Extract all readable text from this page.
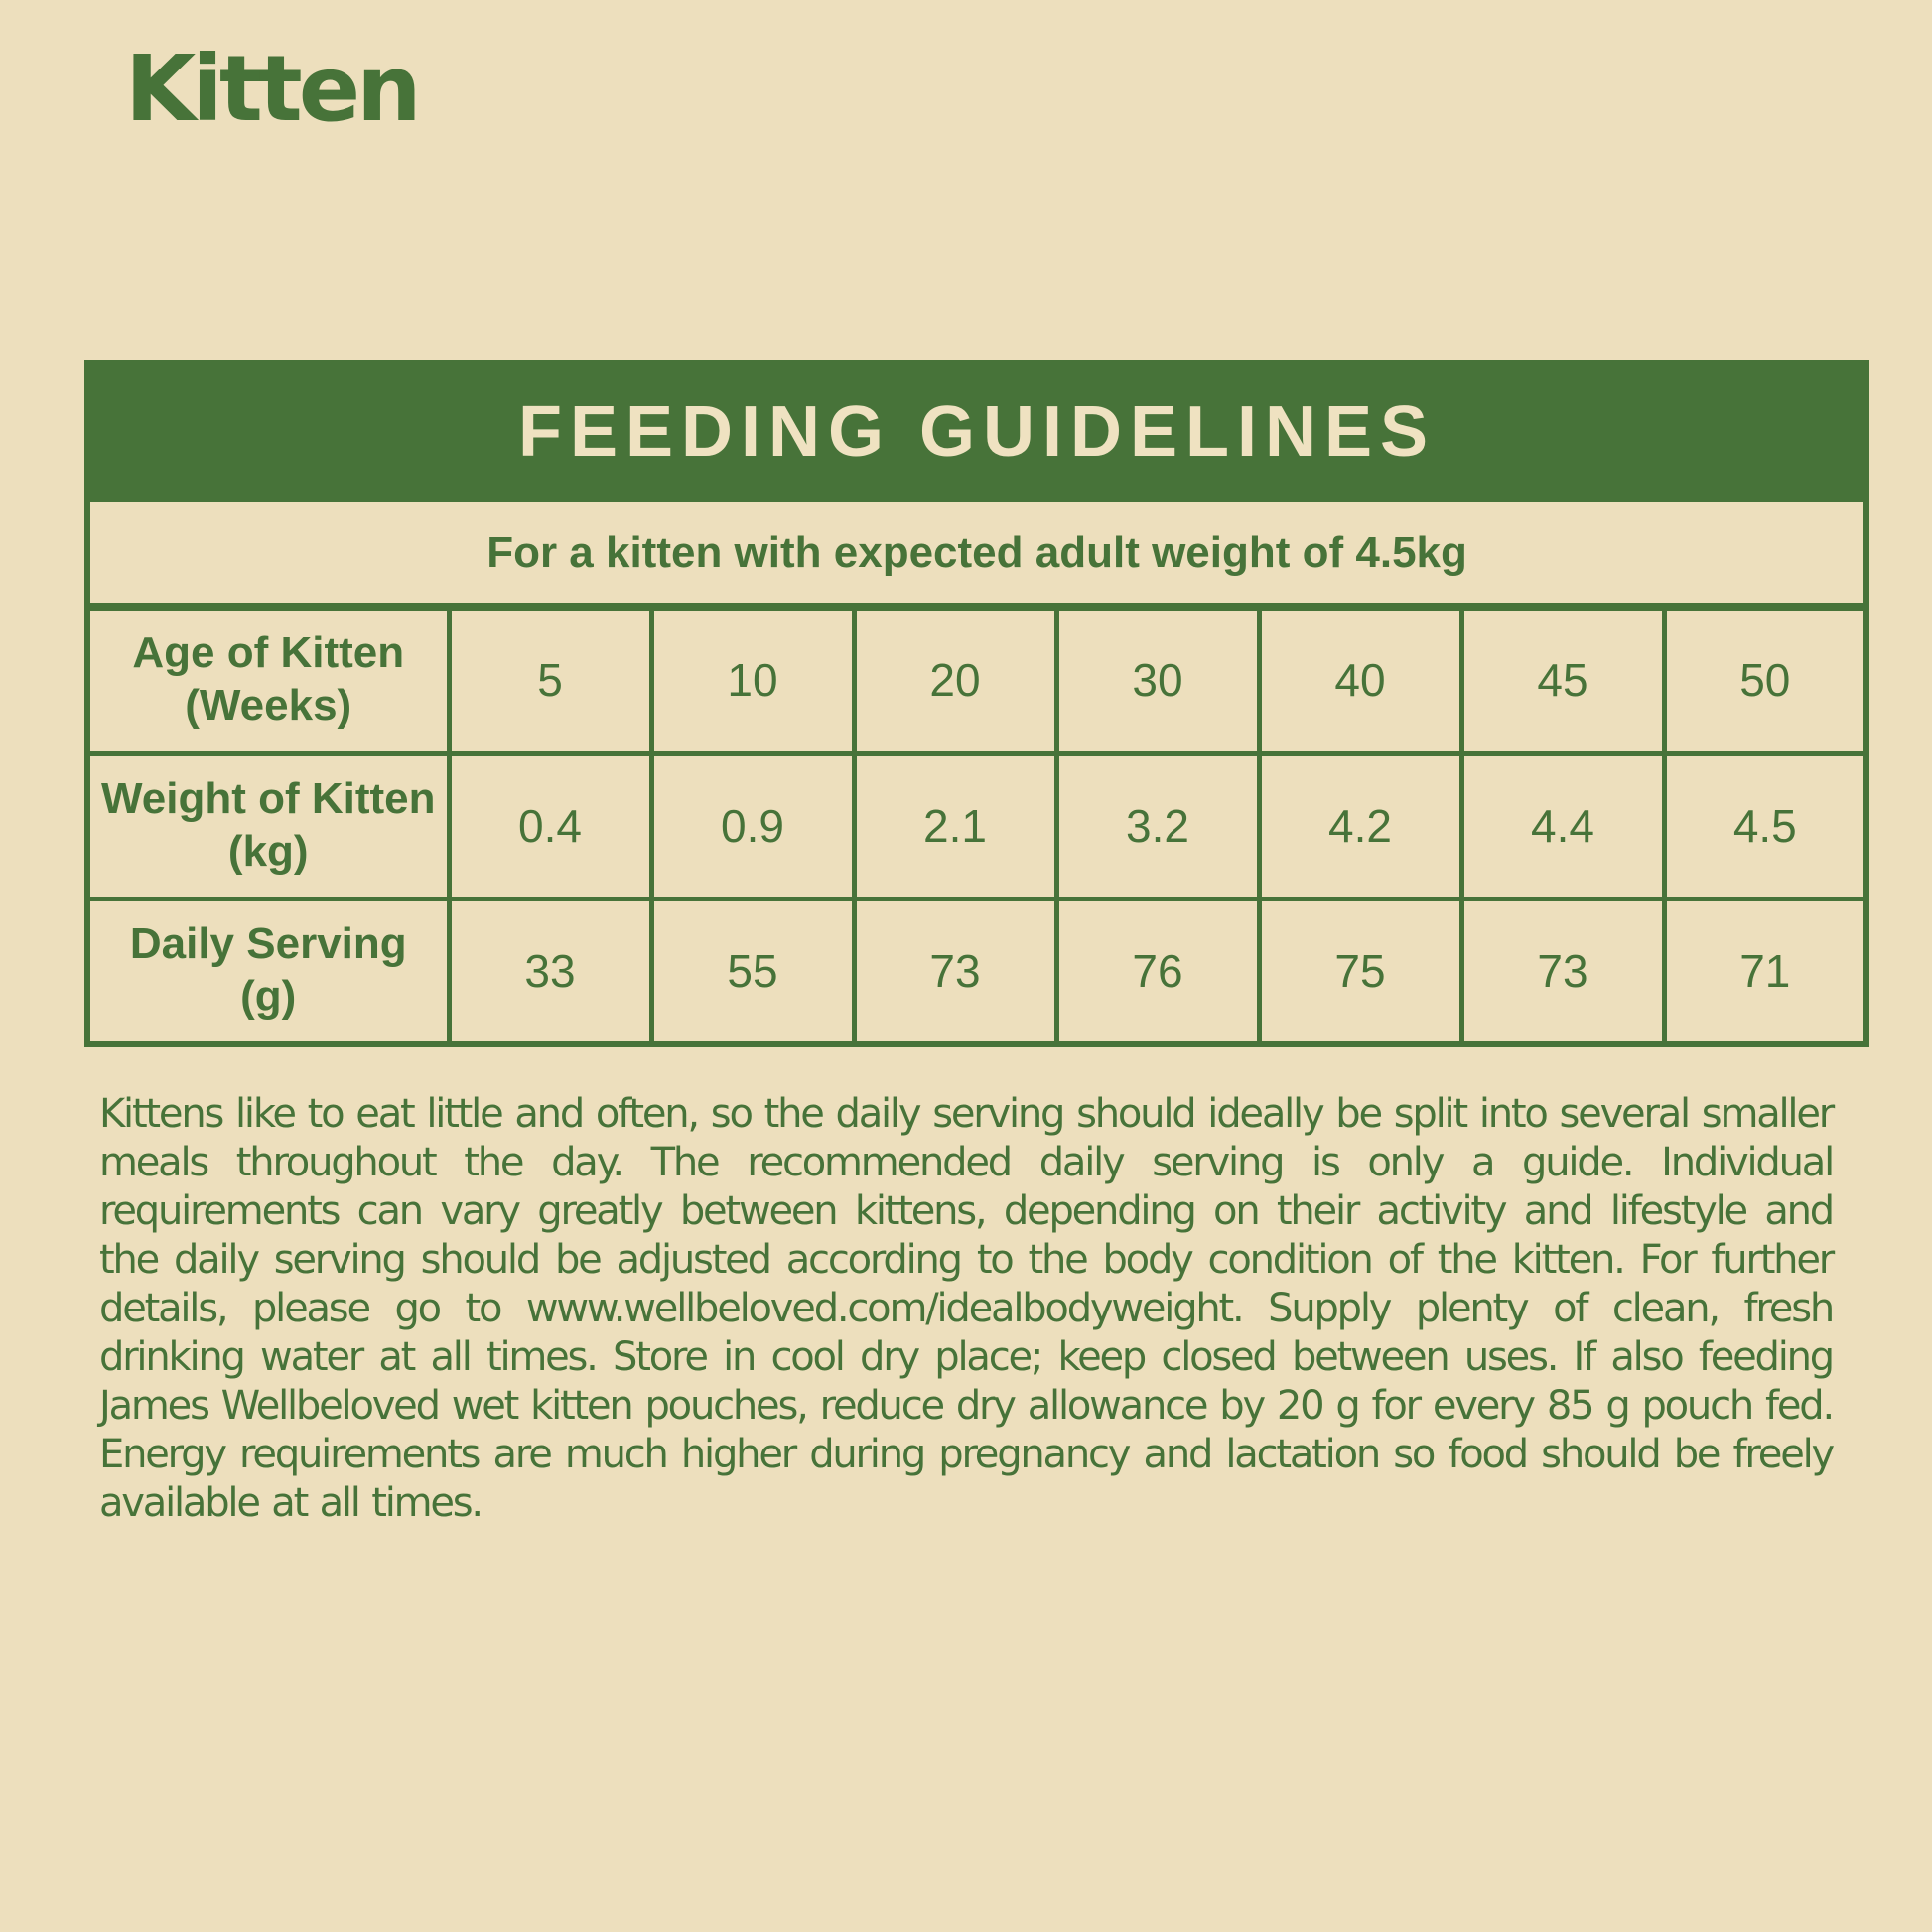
Kitten
FEEDING GUIDELINES							
For a kitten with expected adult weight of 4.5kg							

Age of Kitten
(Weeks)	5	10	20	30	40	45	50

Weight of Kitten
(kg)	0.4	0.9	2.1	3.2	4.2	4.4	4.5

Daily Serving
(g)	33	55	73	76	75	73	71
Kittens like to eat little and often, so the daily serving should ideally be split into several smaller meals throughout the day. The recommended daily serving is only a guide. Individual requirements can vary greatly between kittens, depending on their activity and lifestyle and the daily serving should be adjusted according to the body condition of the kitten. For further details, please go to www.wellbeloved.com/idealbodyweight. Supply plenty of clean, fresh drinking water at all times. Store in cool dry place; keep closed between uses. If also feeding James Wellbeloved wet kitten pouches, reduce dry allowance by 20 g for every 85 g pouch fed. Energy requirements are much higher during pregnancy and lactation so food should be freely available at all times.
